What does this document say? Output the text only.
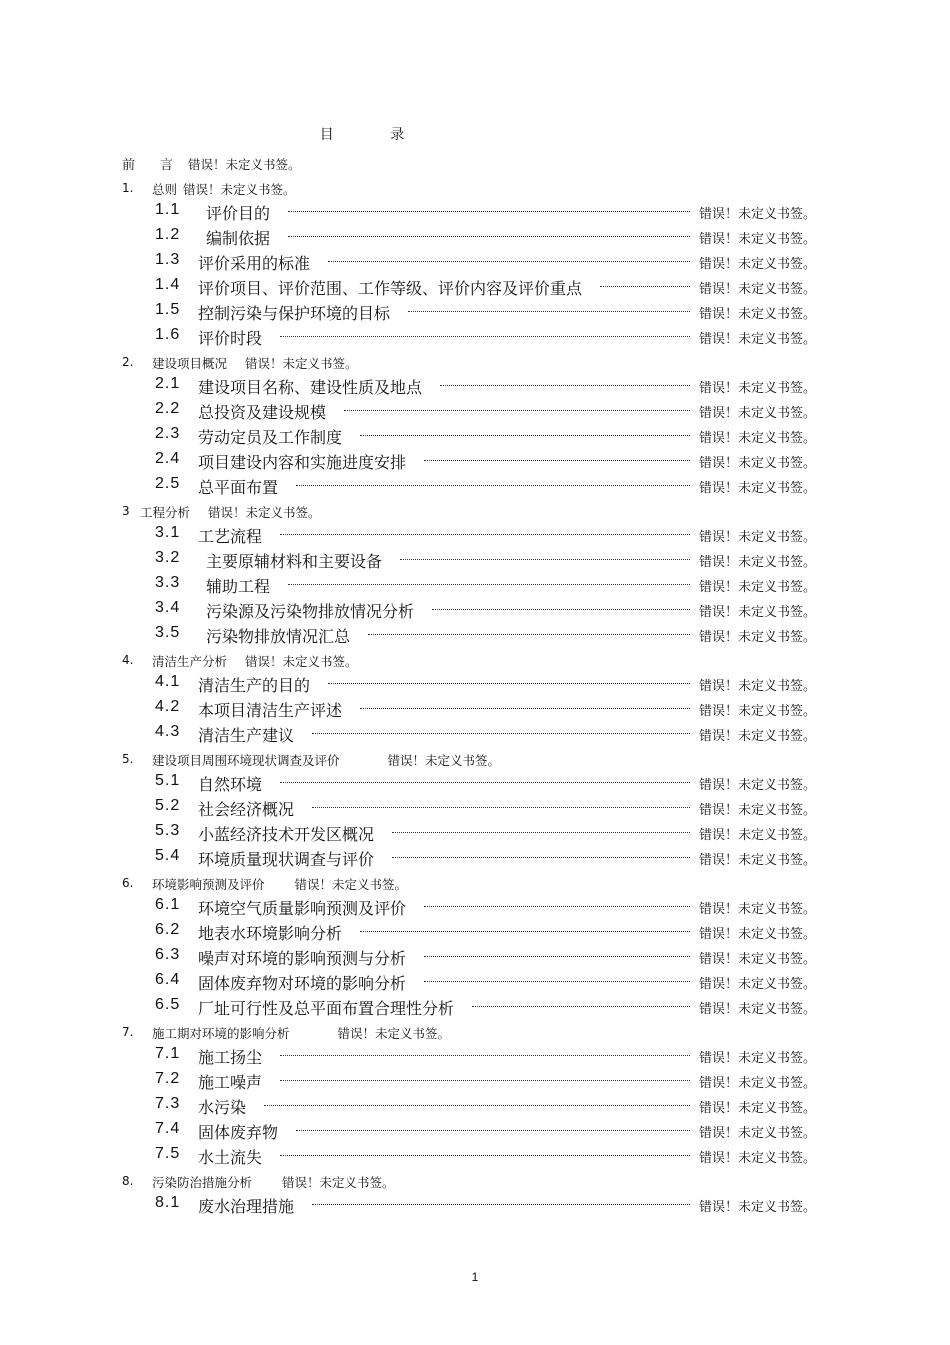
目 录
前　言 错误！未定义书签。
1. 总则 错误！未定义书签。
1.1 评价目的	错误！未定义书签。
1.2 编制依据	错误！未定义书签。
1.3 评价采用的标准	错误！未定义书签。
1.4 评价项目、评价范围、工作等级、评价内容及评价重点	错误！未定义书签。
1.5 控制污染与保护环境的目标	错误！未定义书签。
1.6 评价时段	错误！未定义书签。
2. 建设项目概况 错误！未定义书签。
2.1 建设项目名称、建设性质及地点	错误！未定义书签。
2.2 总投资及建设规模	错误！未定义书签。
2.3 劳动定员及工作制度	错误！未定义书签。
2.4 项目建设内容和实施进度安排	错误！未定义书签。
2.5 总平面布置	错误！未定义书签。
3 工程分析 错误！未定义书签。
3.1 工艺流程	错误！未定义书签。
3.2 主要原辅材料和主要设备	错误！未定义书签。
3.3 辅助工程	错误！未定义书签。
3.4 污染源及污染物排放情况分析	错误！未定义书签。
3.5 污染物排放情况汇总	错误！未定义书签。
4. 清洁生产分析 错误！未定义书签。
4.1 清洁生产的目的	错误！未定义书签。
4.2 本项目清洁生产评述	错误！未定义书签。
4.3 清洁生产建议	错误！未定义书签。
5. 建设项目周围环境现状调查及评价	错误！未定义书签。
5.1 自然环境	错误！未定义书签。
5.2 社会经济概况	错误！未定义书签。
5.3 小蓝经济技术开发区概况	错误！未定义书签。
5.4 环境质量现状调查与评价	错误！未定义书签。
6. 环境影响预测及评价 错误！未定义书签。
6.1 环境空气质量影响预测及评价	错误！未定义书签。
6.2 地表水环境影响分析	错误！未定义书签。
6.3 噪声对环境的影响预测与分析	错误！未定义书签。
6.4 固体废弃物对环境的影响分析	错误！未定义书签。
6.5 厂址可行性及总平面布置合理性分析	错误！未定义书签。
7. 施工期对环境的影响分析	错误！未定义书签。
7.1 施工扬尘	错误！未定义书签。
7.2 施工噪声	错误！未定义书签。
7.3 水污染	错误！未定义书签。
7.4 固体废弃物	错误！未定义书签。
7.5 水土流失	错误！未定义书签。
8. 污染防治措施分析 错误！未定义书签。
8.1 废水治理措施	错误！未定义书签。
1
